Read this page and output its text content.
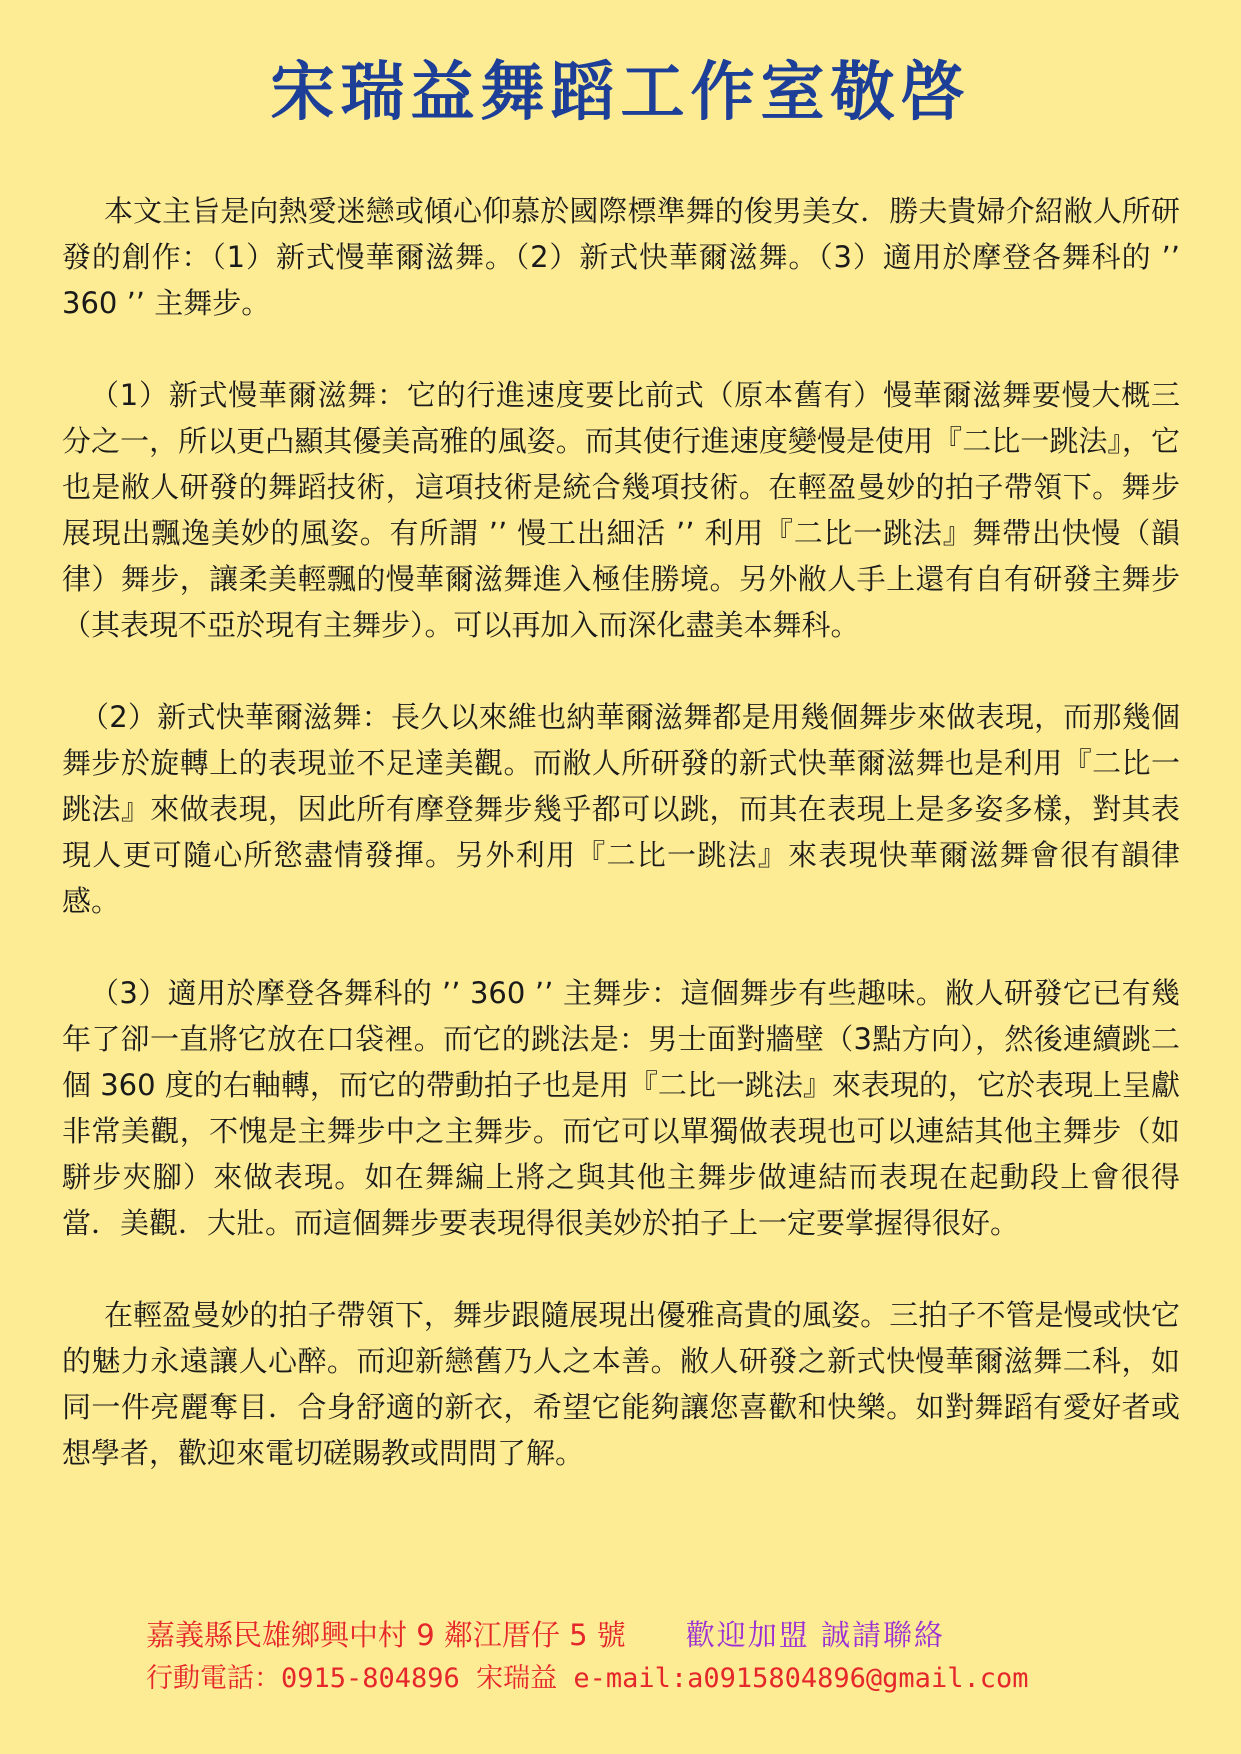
宋瑞益舞蹈工作室敬啓

本文主旨是向熱愛迷戀或傾心仰慕於國際標準舞的俊男美女．勝夫貴婦介紹敝人所研發的創作：（1）新式慢華爾滋舞。（2）新式快華爾滋舞。（3）適用於摩登各舞科的 ’’ 360 ’’ 主舞步。

（1）新式慢華爾滋舞：它的行進速度要比前式（原本舊有）慢華爾滋舞要慢大概三分之一，所以更凸顯其優美高雅的風姿。而其使行進速度變慢是使用『二比一跳法』，它也是敝人研發的舞蹈技術，這項技術是統合幾項技術。在輕盈曼妙的拍子帶領下。舞步展現出飄逸美妙的風姿。有所謂 ’’ 慢工出細活 ’’ 利用『二比一跳法』舞帶出快慢（韻律）舞步，讓柔美輕飄的慢華爾滋舞進入極佳勝境。另外敝人手上還有自有研發主舞步（其表現不亞於現有主舞步）。可以再加入而深化盡美本舞科。

（2）新式快華爾滋舞：長久以來維也納華爾滋舞都是用幾個舞步來做表現，而那幾個舞步於旋轉上的表現並不足達美觀。而敝人所研發的新式快華爾滋舞也是利用『二比一跳法』來做表現，因此所有摩登舞步幾乎都可以跳，而其在表現上是多姿多樣，對其表現人更可隨心所慾盡情發揮。另外利用『二比一跳法』來表現快華爾滋舞會很有韻律感。

（3）適用於摩登各舞科的 ’’ 360 ’’ 主舞步：這個舞步有些趣味。敝人研發它已有幾年了卻一直將它放在口袋裡。而它的跳法是：男士面對牆壁（3點方向），然後連續跳二個 360 度的右軸轉，而它的帶動拍子也是用『二比一跳法』來表現的，它於表現上呈獻非常美觀，不愧是主舞步中之主舞步。而它可以單獨做表現也可以連結其他主舞步（如駢步夾腳）來做表現。如在舞編上將之與其他主舞步做連結而表現在起動段上會很得當．美觀．大壯。而這個舞步要表現得很美妙於拍子上一定要掌握得很好。

在輕盈曼妙的拍子帶領下，舞步跟隨展現出優雅高貴的風姿。三拍子不管是慢或快它的魅力永遠讓人心醉。而迎新戀舊乃人之本善。敝人研發之新式快慢華爾滋舞二科，如同一件亮麗奪目．合身舒適的新衣，希望它能夠讓您喜歡和快樂。如對舞蹈有愛好者或想學者，歡迎來電切磋賜教或問問了解。

嘉義縣民雄鄉興中村 9 鄰江厝仔 5 號 歡迎加盟 誠請聯絡
行動電話：0915-804896 宋瑞益 e-mail:a0915804896@gmail.com
